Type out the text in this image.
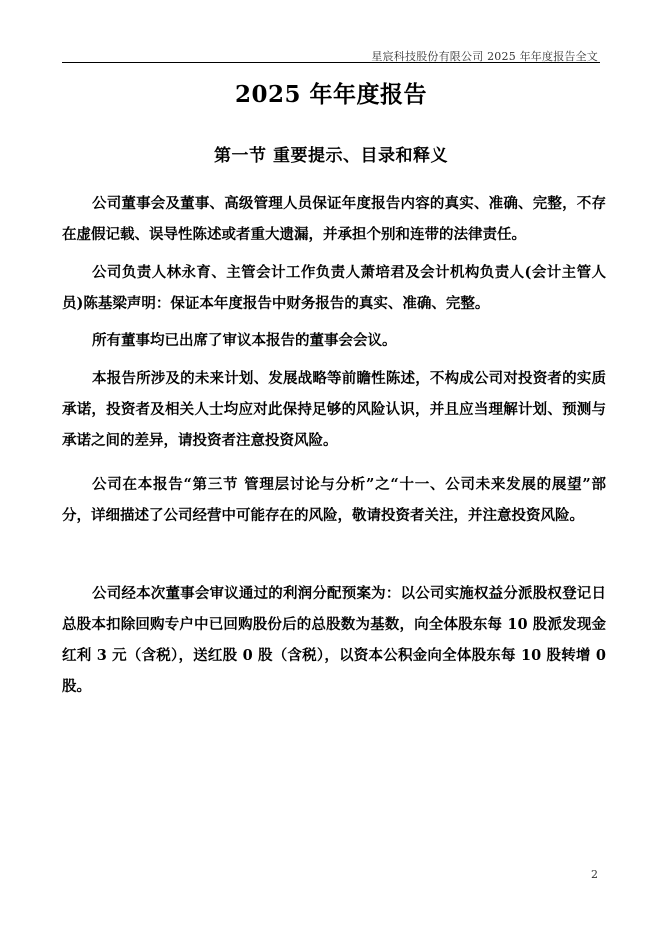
星宸科技股份有限公司 2025 年年度报告全文
2025 年年度报告
第一节 重要提示、目录和释义

公司董事会及董事、高级管理人员保证年度报告内容的真实、准确、完整，不存在虚假记载、误导性陈述或者重大遗漏，并承担个别和连带的法律责任。

公司负责人林永育、主管会计工作负责人萧培君及会计机构负责人(会计主管人员)陈基梁声明：保证本年度报告中财务报告的真实、准确、完整。

所有董事均已出席了审议本报告的董事会会议。

本报告所涉及的未来计划、发展战略等前瞻性陈述，不构成公司对投资者的实质承诺，投资者及相关人士均应对此保持足够的风险认识，并且应当理解计划、预测与承诺之间的差异，请投资者注意投资风险。

公司在本报告“第三节 管理层讨论与分析”之“十一、公司未来发展的展望”部分，详细描述了公司经营中可能存在的风险，敬请投资者关注，并注意投资风险。

公司经本次董事会审议通过的利润分配预案为：以公司实施权益分派股权登记日总股本扣除回购专户中已回购股份后的总股数为基数，向全体股东每 10 股派发现金红利 3 元（含税），送红股 0 股（含税），以资本公积金向全体股东每 10 股转增 0 股。

2
